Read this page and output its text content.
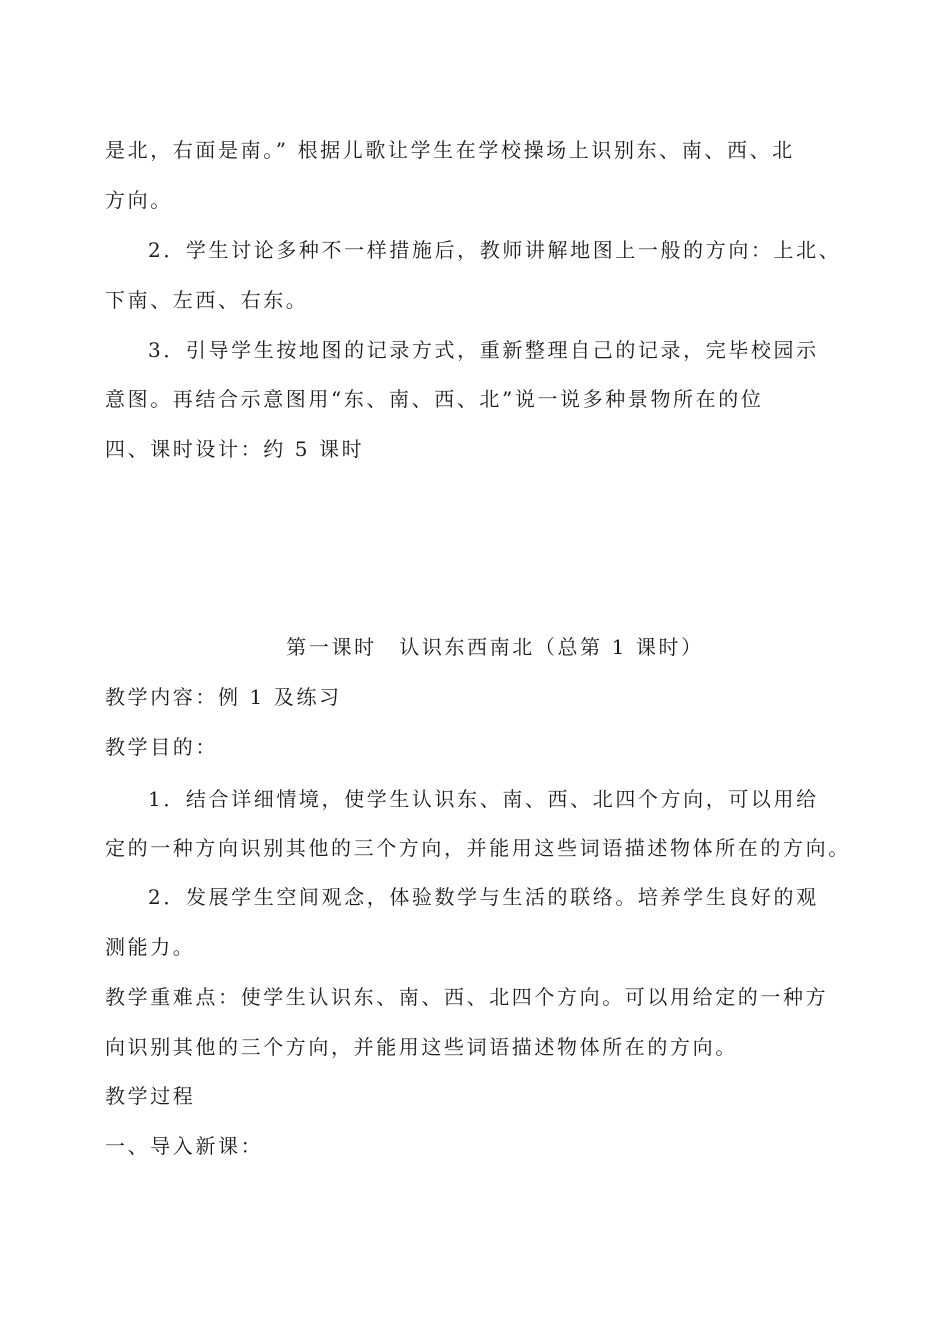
是北，右面是南。” 根据儿歌让学生在学校操场上识别东、南、西、北
方向。
2．学生讨论多种不一样措施后，教师讲解地图上一般的方向：上北、
下南、左西、右东。
3．引导学生按地图的记录方式，重新整理自己的记录，完毕校园示
意图。再结合示意图用“东、南、西、北”说一说多种景物所在的位
四、课时设计：约 5 课时
第一课时　认识东西南北（总第 1 课时）
教学内容：例 1 及练习
教学目的：
1．结合详细情境，使学生认识东、南、西、北四个方向，可以用给
定的一种方向识别其他的三个方向，并能用这些词语描述物体所在的方向。
2．发展学生空间观念，体验数学与生活的联络。培养学生良好的观
测能力。
教学重难点：使学生认识东、南、西、北四个方向。可以用给定的一种方
向识别其他的三个方向，并能用这些词语描述物体所在的方向。
教学过程
一、导入新课：
